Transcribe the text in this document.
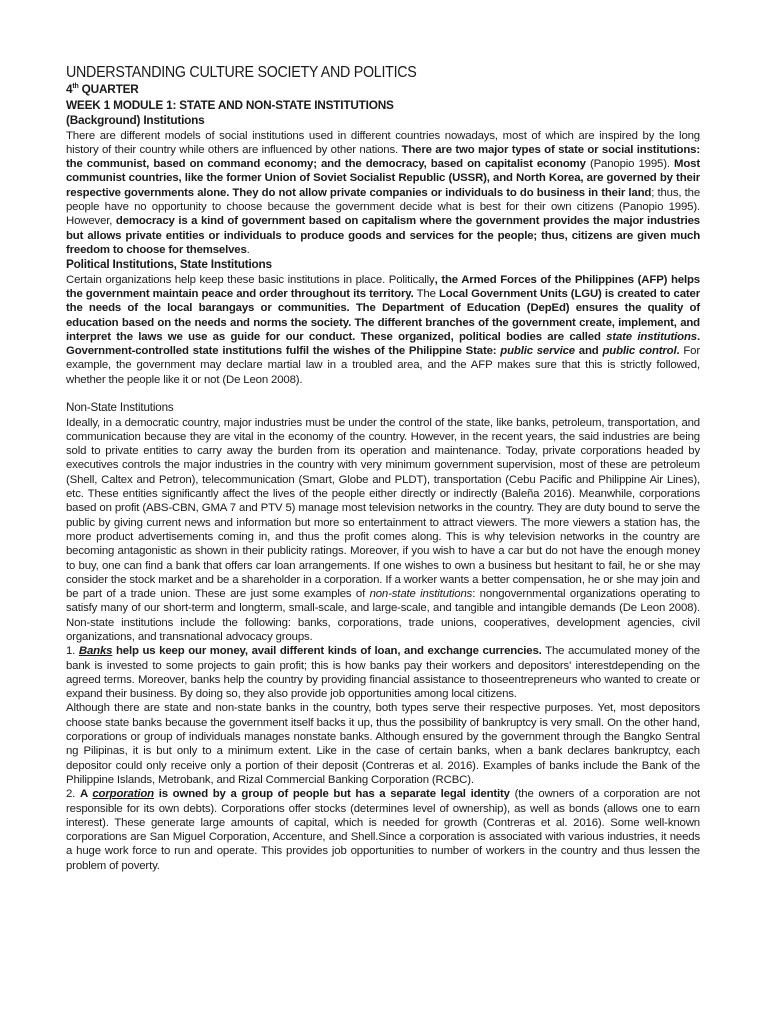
UNDERSTANDING CULTURE SOCIETY AND POLITICS

4th QUARTER

WEEK 1 MODULE 1: STATE AND NON-STATE INSTITUTIONS

(Background) Institutions

There are different models of social institutions used in different countries nowadays, most of which are inspired by the long history of their country while others are influenced by other nations. There are two major types of state or social institutions: the communist, based on command economy; and the democracy, based on capitalist economy (Panopio 1995). Most communist countries, like the former Union of Soviet Socialist Republic (USSR), and North Korea, are governed by their respective governments alone. They do not allow private companies or individuals to do business in their land; thus, the people have no opportunity to choose because the government decide what is best for their own citizens (Panopio 1995). However, democracy is a kind of government based on capitalism where the government provides the major industries but allows private entities or individuals to produce goods and services for the people; thus, citizens are given much freedom to choose for themselves.

Political Institutions, State Institutions

Certain organizations help keep these basic institutions in place. Politically, the Armed Forces of the Philippines (AFP) helps the government maintain peace and order throughout its territory. The Local Government Units (LGU) is created to cater the needs of the local barangays or communities. The Department of Education (DepEd) ensures the quality of education based on the needs and norms the society. The different branches of the government create, implement, and interpret the laws we use as guide for our conduct. These organized, political bodies are called state institutions. Government-controlled state institutions fulfil the wishes of the Philippine State: public service and public control. For example, the government may declare martial law in a troubled area, and the AFP makes sure that this is strictly followed, whether the people like it or not (De Leon 2008).

Non-State Institutions

Ideally, in a democratic country, major industries must be under the control of the state, like banks, petroleum, transportation, and communication because they are vital in the economy of the country. However, in the recent years, the said industries are being sold to private entities to carry away the burden from its operation and maintenance. Today, private corporations headed by executives controls the major industries in the country with very minimum government supervision, most of these are petroleum (Shell, Caltex and Petron), telecommunication (Smart, Globe and PLDT), transportation (Cebu Pacific and Philippine Air Lines), etc. These entities significantly affect the lives of the people either directly or indirectly (Baleña 2016). Meanwhile, corporations based on profit (ABS-CBN, GMA 7 and PTV 5) manage most television networks in the country. They are duty bound to serve the public by giving current news and information but more so entertainment to attract viewers. The more viewers a station has, the more product advertisements coming in, and thus the profit comes along. This is why television networks in the country are becoming antagonistic as shown in their publicity ratings. Moreover, if you wish to have a car but do not have the enough money to buy, one can find a bank that offers car loan arrangements. If one wishes to own a business but hesitant to fail, he or she may consider the stock market and be a shareholder in a corporation. If a worker wants a better compensation, he or she may join and be part of a trade union. These are just some examples of non-state institutions: nongovernmental organizations operating to satisfy many of our short-term and longterm, small-scale, and large-scale, and tangible and intangible demands (De Leon 2008). Non-state institutions include the following: banks, corporations, trade unions, cooperatives, development agencies, civil organizations, and transnational advocacy groups.

1. Banks help us keep our money, avail different kinds of loan, and exchange currencies. The accumulated money of the bank is invested to some projects to gain profit; this is how banks pay their workers and depositors' interestdepending on the agreed terms. Moreover, banks help the country by providing financial assistance to thoseentrepreneurs who wanted to create or expand their business. By doing so, they also provide job opportunities among local citizens.

Although there are state and non-state banks in the country, both types serve their respective purposes. Yet, most depositors choose state banks because the government itself backs it up, thus the possibility of bankruptcy is very small. On the other hand, corporations or group of individuals manages nonstate banks. Although ensured by the government through the Bangko Sentral ng Pilipinas, it is but only to a minimum extent. Like in the case of certain banks, when a bank declares bankruptcy, each depositor could only receive only a portion of their deposit (Contreras et al. 2016). Examples of banks include the Bank of the Philippine Islands, Metrobank, and Rizal Commercial Banking Corporation (RCBC).

2. A corporation is owned by a group of people but has a separate legal identity (the owners of a corporation are not responsible for its own debts). Corporations offer stocks (determines level of ownership), as well as bonds (allows one to earn interest). These generate large amounts of capital, which is needed for growth (Contreras et al. 2016). Some well-known corporations are San Miguel Corporation, Accenture, and Shell.Since a corporation is associated with various industries, it needs a huge work force to run and operate. This provides job opportunities to number of workers in the country and thus lessen the problem of poverty.
